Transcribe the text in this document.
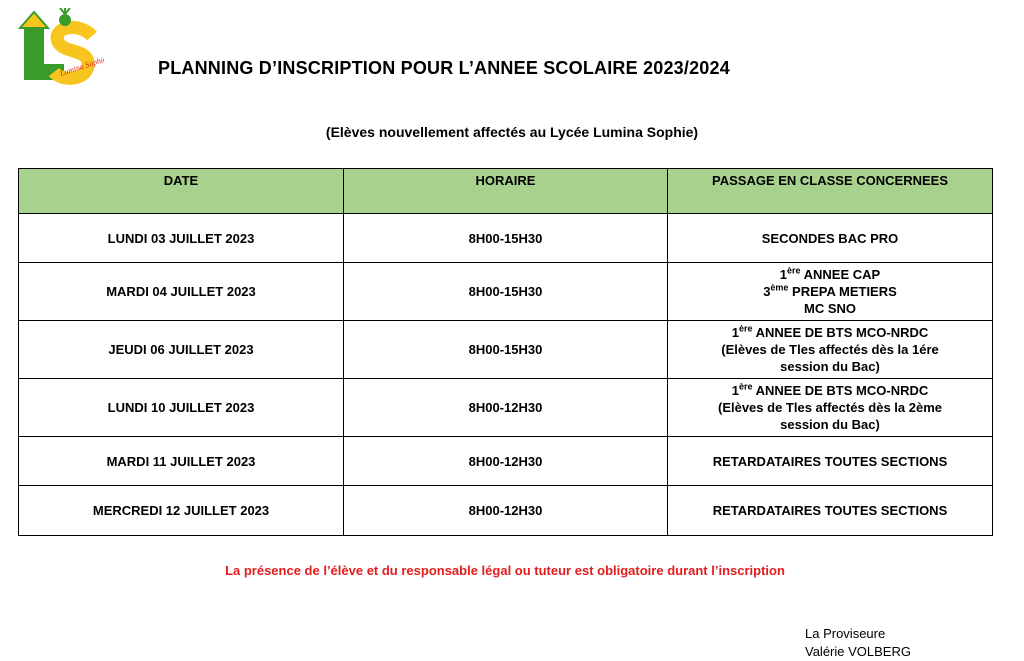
Lumina Sophie	PLANNING D’INSCRIPTION POUR L’ANNEE SCOLAIRE 2023/2024
(Elèves nouvellement affectés au Lycée Lumina Sophie)
DATE	HORAIRE	PASSAGE EN CLASSE CONCERNEES
LUNDI 03 JUILLET 2023	8H00-15H30	SECONDES BAC PRO

MARDI 04 JUILLET 2023	8H00-15H30	1ère ANNEE CAP
3ème PREPA METIERS
MC SNO

JEUDI 06 JUILLET 2023	8H00-15H30	1ère ANNEE DE BTS MCO-NRDC
(Elèves de Tles affectés dès la 1ére
session du Bac)

LUNDI 10 JUILLET 2023	8H00-12H30	1ère ANNEE DE BTS MCO-NRDC
(Elèves de Tles affectés dès la 2ème
session du Bac)

MARDI 11 JUILLET 2023	8H00-12H30	RETARDATAIRES TOUTES SECTIONS

MERCREDI 12 JUILLET 2023	8H00-12H30	RETARDATAIRES TOUTES SECTIONS
La présence de l’élève et du responsable légal ou tuteur est obligatoire durant l’inscription
La Proviseure
Valérie VOLBERG
